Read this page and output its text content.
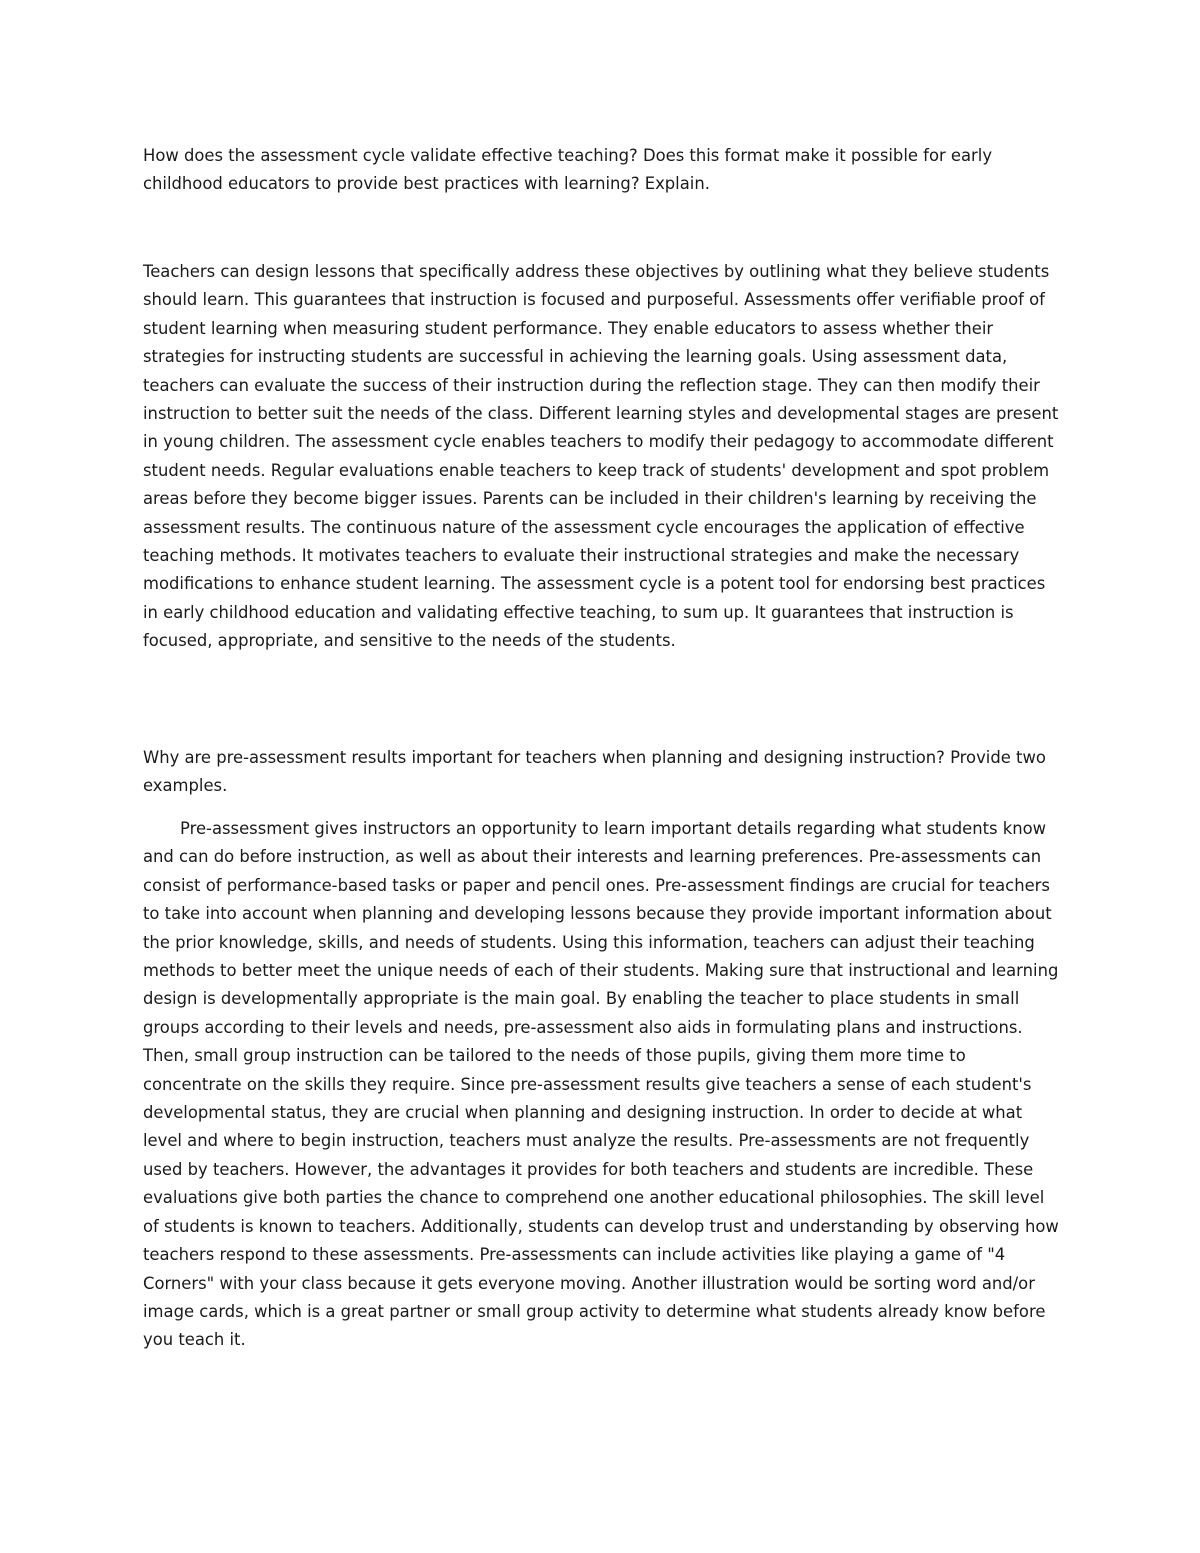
How does the assessment cycle validate effective teaching? Does this format make it possible for early childhood educators to provide best practices with learning? Explain.

Teachers can design lessons that specifically address these objectives by outlining what they believe students should learn. This guarantees that instruction is focused and purposeful. Assessments offer verifiable proof of student learning when measuring student performance. They enable educators to assess whether their strategies for instructing students are successful in achieving the learning goals. Using assessment data, teachers can evaluate the success of their instruction during the reflection stage. They can then modify their instruction to better suit the needs of the class. Different learning styles and developmental stages are present in young children. The assessment cycle enables teachers to modify their pedagogy to accommodate different student needs. Regular evaluations enable teachers to keep track of students' development and spot problem areas before they become bigger issues. Parents can be included in their children's learning by receiving the assessment results. The continuous nature of the assessment cycle encourages the application of effective teaching methods. It motivates teachers to evaluate their instructional strategies and make the necessary modifications to enhance student learning. The assessment cycle is a potent tool for endorsing best practices in early childhood education and validating effective teaching, to sum up. It guarantees that instruction is focused, appropriate, and sensitive to the needs of the students.

Why are pre-assessment results important for teachers when planning and designing instruction? Provide two examples.

Pre-assessment gives instructors an opportunity to learn important details regarding what students know and can do before instruction, as well as about their interests and learning preferences. Pre-assessments can consist of performance-based tasks or paper and pencil ones. Pre-assessment findings are crucial for teachers to take into account when planning and developing lessons because they provide important information about the prior knowledge, skills, and needs of students. Using this information, teachers can adjust their teaching methods to better meet the unique needs of each of their students. Making sure that instructional and learning design is developmentally appropriate is the main goal. By enabling the teacher to place students in small groups according to their levels and needs, pre-assessment also aids in formulating plans and instructions. Then, small group instruction can be tailored to the needs of those pupils, giving them more time to concentrate on the skills they require. Since pre-assessment results give teachers a sense of each student's developmental status, they are crucial when planning and designing instruction. In order to decide at what level and where to begin instruction, teachers must analyze the results. Pre-assessments are not frequently used by teachers. However, the advantages it provides for both teachers and students are incredible. These evaluations give both parties the chance to comprehend one another educational philosophies. The skill level of students is known to teachers. Additionally, students can develop trust and understanding by observing how teachers respond to these assessments. Pre-assessments can include activities like playing a game of "4 Corners" with your class because it gets everyone moving. Another illustration would be sorting word and/or image cards, which is a great partner or small group activity to determine what students already know before you teach it.
